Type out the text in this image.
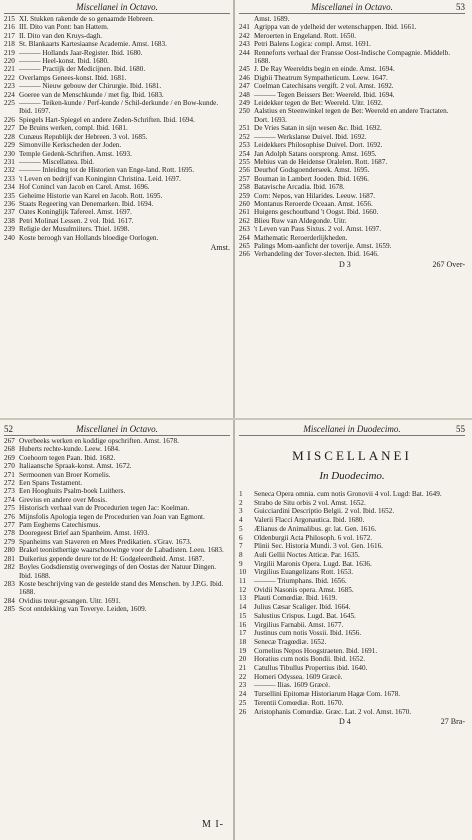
Miscellanei in Octavo.
215 XI. Stukken rakende de so genaamde Hebreen.
216 III. Dito van Pont: ban Hattem.
217 II. Dito van den Kruys-dagh.
218 St. Blankaarts Kartesiaanse Academie. Amst. 1683.
219 ——— Hollands Jaar-Register. Ibid. 1680.
220 ——— Heel-konst. Ibid. 1680.
221 ——— Practijk der Medicijnen. Ibid. 1680.
222 Overlamps Genees-konst. Ibid. 1681.
223 ——— Nieuw gebouw der Chirurgie. Ibid. 1681.
224 Goeree van de Menschkunde / met fig. Ibid. 1683.
225 ——— Teiken-kunde / Perf-kunde / Schil-derkunde / en Bow-kunde. Ibid. 1697.
226 Spiegels Hart-Spiegel en andere Zeden-Schriften. Ibid. 1694.
227 De Bruins werken, compl. Ibid. 1681.
228 Cunæus Republijk der Hebreen. 3 vol. 1685.
229 Simonville Kerkscheden der Joden.
230 Temple Gedenk-Schriften. Amst. 1693.
231 ——— Miscellanea. Ibid.
232 ——— Inleiding tot de Historien van Enge-land. Rott. 1695.
233 't Leven en bedrijf van Koninginn Christina. Leid. 1697.
234 Hof Conincl van Jacob en Carel. Amst. 1696.
235 Geheime Historie van Karel en Jacob. Rott. 1695.
236 Staats Regeering van Denemarken. Ibid. 1694.
237 Oates Koninglijk Tafereel. Amst. 1697.
238 Petri Molinæi Lessen. 2 vol. Ibid. 1617.
239 Religie der Musulmiiters. Thiel. 1698.
240 Koste beroogh van Hollands bloedige Oorlogen.
Amst.
Miscellanei in Octavo.	53
Amst. 1689.
241 Agrippa van de ydelheid der wetenschappen. Ibid. 1661.
242 Meroerten in Engeland. Rott. 1650.
243 Petri Balens Logica: compl. Amst. 1691.
244 Renneforts verhaal der Fransse Oost-Indische Compagnie. Middelb. 1688.
245 J. De Ray Weereldts begin en einde. Amst. 1694.
246 Digbii Theatrum Sympatheticum. Leew. 1647.
247 Coelman Catechisans vergift. 2 vol. Amst. 1692.
248 ——— Tegen Beissers Bet: Weereld. Ibid. 1694.
249 Leidekker tegen de Bet: Weereld. Uitr. 1692.
250 Aalstius en Steenwinkel tegen de Bet: Weereld en andere Tractaten. Dort. 1693.
251 De Vries Satan in sijn wesen &c. Ibid. 1692.
252 ——— Werkslanse Duivel. Ibid. 1692.
253 Leidekkers Philosophise Duivel. Dort. 1692.
254 Jan Adolph Satans oorsprong. Amst. 1695.
255 Mebius van de Heidense Oralelen. Rott. 1687.
256 Deurhof Godsgoenderseek. Amst. 1695.
257 Bouman in Lambert Jooden. Ibid. 1696.
258 Batavische Arcadia. Ibid. 1678.
259 Corn: Nepos, van Hilarides. Leeuw. 1687.
260 Montanus Reroerde Oceaan. Amst. 1656.
261 Huigens geschoutband 't Oogst. Ibid. 1660.
262 Blieu Ruw van Aldegonde. Uitr.
263 't Leven van Paus Sixtus. 2 vol. Amst. 1697.
264 Mathematic Reroerderlijkheden.
265 Palings Mom-aanficht der toverije. Amst. 1659.
266 Verhandeling der Tover-slecten. Ibid. 1646.
D 3	267 Over-
52	Miscellanei in Octavo.
267 Overbeeks werken en koddige opschriften. Amst. 1678.
268 Huberts rechte-kunde. Leew. 1684.
269 Coehoorn tegen Paan. Ibid. 1682.
270 Italiaansche Spraak-konst. Amst. 1672.
271 Sermoonen van Broer Kornelis.
272 Een Spans Testament.
273 Een Hooghuits Psalm-boek Luithers.
274 Grevius en andere over Mosis.
275 Historisch verhaal van de Procedurien tegen Jac: Koelman.
276 Mijnsfolis Apologia tegen de Procedurien van Joan van Egmont.
277 Pam Eeghems Catechismus.
278 Dooregeest Brief aan Spanheim. Amst. 1693.
279 Spanheims van Staveren en Mees Predikatien. s'Grav. 1673.
280 Brakel teonisthertige waarschouwinge voor de Labadisten. Leeu. 1683.
281 Duikerius gepende deure tot de H: Godgeleerdheid. Amst. 1687.
282 Boyles Godsdienstig overwegings of den Oostas der Natuur Dingen. Ibid. 1688.
283 Koste beschrijving van de gestelde stand des Menschen. by J.P.G. Ibid. 1688.
284 Ovidius treur-gesangen. Uitr. 1691.
285 Scot ontdekking van Toverye. Leiden, 1609.
M I-
Miscellanei in Duodecimo.	55
MISCELLANEI
In Duodecimo.
1	Seneca Opera omnia. cum notis Gronovii 4 vol. Lugd: Bat. 1649.
2	Strabo de Situ orbis 2 vol. Amst. 1652.
3	Guicciardini Descriptio Belgii. 2 vol. Ibid. 1652.
4	Valerii Flacci Argonautica. Ibid. 1680.
5	Ælianus de Animalibus. gr. lat. Gen. 1616.
6	Oldenburgii Acta Philosoph. 6 vol. 1672.
7	Plinii Sec. Historia Mundi. 3 vol. Gen. 1616.
8	Auli Gellii Noctes Atticæ. Par. 1635.
9	Virgilii Maronis Opera. Lugd. Bat. 1636.
10	Virgilius Euangelizans Rott. 1653.
11	——— Triumphans. Ibid. 1656.
12	Ovidii Nasonis opera. Amst. 1685.
13	Plauti Comœdiæ. Ibid. 1619.
14	Julius Cæsar Scaliger. Ibid. 1664.
15	Salustius Crispus. Lugd. Bat. 1645.
16	Virgilius Farnabii. Amst. 1677.
17	Justinus cum notis Vossii. Ibid. 1656.
18	Senecæ Tragœdiæ. 1652.
19	Cornelius Nepos Hoogstraeten. Ibid. 1691.
20	Horatius cum notis Bondii. Ibid. 1652.
21	Catullus Tibullus Propertius ibid. 1640.
22	Homeri Odyssea. 1609 Græcè.
23	——— Ilias. 1609 Græcè.
24	Tursellini Epitomæ Historiarum Hagæ Com. 1678.
25	Terentii Comœdiæ. Rott. 1670.
26	Aristophanis Comœdiæ. Græc. Lat. 2 vol. Amst. 1670.
D 4	27 Bra-
